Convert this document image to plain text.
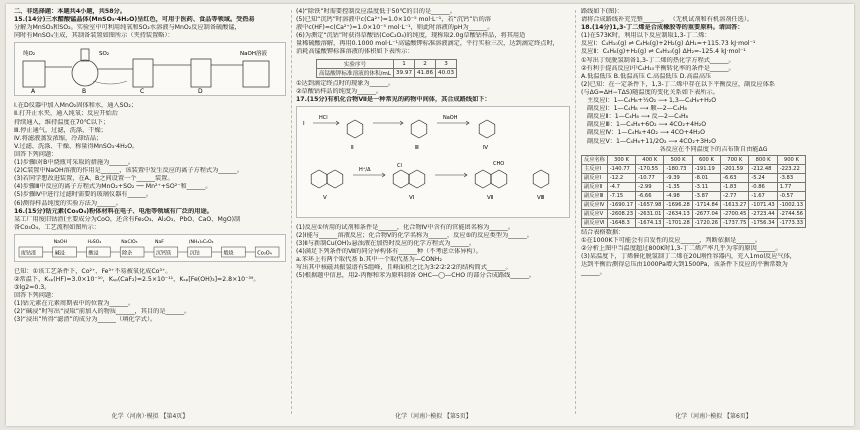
二、非选择题：本题共4小题，共58分。
15.(14分)三水醋酸锰晶体(MnSO₃·4H₂O)呈红色，可用于医药、食品等领域。受热易
分解为MnSO₃和SO₂。实验室中可利用纯氧和SO₂水溶液与MnO₂反应制备硫酸锰，
同时有MnSO₄生成，其制备装置如图所示（夹持装置略）：
A	B	C	D
纯O₂	SO₂	NaOH溶液
Ⅰ.在D仪器中加入MnO₂固体和水，通入SO₂；
Ⅱ.打开止水夹，通入纯氧；反应开始后
持续通入，维持温度在70℃以下；
Ⅲ.停止通气，过滤，洗涤，干燥；
Ⅳ.将滤液蒸发浓缩，冷却结晶；
V.过滤、洗涤、干燥、称量得MnSO₃·4H₂O。
回答下列问题：
(1)步骤Ⅰ对B中烧瓶可采取的措施为______。
(2)C装置中NaOH溶液的作用是______，该装置中发生反应的离子方程式为______。
(3)若同学想改进装置，在A、B之间设置一个______装置。
(4)步骤Ⅲ中反应的离子方程式为MnO₂+SO₂ ── Mn²⁺+SO²⁻和______。
(5)步骤Ⅳ中进行过滤时需要的玻璃仪器有______。
(6)测得样品纯度的实验方法为______。
16.(15分)钴元素(Co₃O₄)粉体材料在电子、电池等领域有广泛的用途。
某工厂用废旧钴渣(主要成分为CoO，还含有Fe₂O₃、Al₂O₃、PbO、CaO、MgO)制
备Co₃O₄，工艺流程如图所示：
废钴渣	碱浸
NaOH
酸浸
H₂SO₄
除杂
NaClO₃
沉钙镁
NaF
沉钴
(NH₄)₂C₂O₄
煅烧	Co₃O₄
已知：①该工艺条件下，Co²⁺、Fe³⁺不易被氧化成Co³⁺。
②常温下，Kₛₚ(HF)=3.0×10⁻¹⁰，Kₛₚ(CaF₂)=2.5×10⁻¹¹，Kₛₚ[Fe(OH)₃]=2.8×10⁻³⁹。
③lg2=0.3。
回答下列问题：
(1)钴元素在元素周期表中的位置为______。
(2)“碱浸”时写出“浸取”前加入的物质______，其目的是______。
(3)“浸出”所得“滤渣”的成分为______（填化学式）。
化学（河南）·模拟 【第4页】
(4)“除铁”时需要控制反应温度低于50℃的目的是______。
(5)已知“沉钙”时溶液中c(Ca²⁺)=1.0×10⁻⁵ mol·L⁻¹，若“沉钙”后的溶
液中c(HF)=c(Ca²⁺)=1.0×10⁻⁵ mol·L⁻¹，则此时溶液的pH为______。
(6)为测定“沉钴”时获得草酸钴(CoC₂O₄)的纯度，现称取2.0g草酸钴样品，将其用适
量稀硫酸溶解，再用0.1000 mol·L⁻¹高锰酸钾标准溶液滴定，平行实验三次，达到滴定终点时，
消耗高锰酸钾标准溶液的体积如下表所示：
实验序号	1	2	3
高锰酸钾标准溶液的体积/mL	39.97	41.86	40.03
①达到滴定终点时的现象为______。
②草酸钴样品的纯度为______。
17.(15分)有机化合物Ⅶ是一种常见的药物中间体，其合成路线如下：
Ⅰ
HCl
Ⅱ	Ⅲ
NaOH
Ⅳ
Ⅴ
H⁺/Δ
Cl
Ⅵ
CHO
Ⅶ	Ⅷ
(1)反应①所用的试剂和条件是______，化合物Ⅳ中含有的官能团名称为______。
(2)Ⅰ能与______溶液反应；化合物Ⅴ的化学名称为______，反应⑤的反应类型为______。
(3)Ⅱ与新制Cu(OH)₂悬浊液在加热时反应的化学方程式为______。
(4)满足下列条件的Ⅶ的同分异构体有______种（不考虑立体异构）。
a.苯环上有两个取代基 b.其中一个取代基为—CONH₂
写出其中核磁共振氢谱有5组峰，且峰面积之比为3∶2∶2∶2∶2的结构简式______。
(5)根据题中信息，用2-丙醇和苯为原料制备 OHC—◯—CHO 的部分合成路线______。
化学（河南）·模拟 【第5页】
路线如下(图)：
请将合成路线补充完整______。 （无机试剂和有机溶剂任选）。
18.(14分)1,3-丁二烯是合成橡胶等的重要原料。请回答：
(1)在573K时，利用以下反应制取1,3-丁二烯：
反应Ⅰ：C₄H₁₀(g) ⇌ C₄H₆(g)+2H₂(g) ΔH₁=+115.73 kJ·mol⁻¹
反应Ⅱ：C₄H₈(g)+H₂(g) ⇌ C₄H₁₀(g) ΔH₂=-125.4 kJ·mol⁻¹
①写出丁烷脱氢制备1,3-丁二烯的热化学方程式______。
②有利于提高反应Ⅰ中C₄H₁₀平衡转化率的条件是______。
A.低温低压 B.低温高压 C.高温低压 D.高温高压
(2)已知：在一定条件下，1,3-丁二烯中存在以下平衡反应，副反应体系
(与ΔG=ΔH−TΔS)随温度的变化关系如下表所示。
主反应Ⅰ：1—C₄H₈+½O₂ ⟶ 1,3—C₄H₆+H₂O
副反应Ⅰ：1—C₄H₈ ⟶ 顺—2—C₄H₈
副反应Ⅱ：1—C₄H₈ ⟶ 反—2—C₄H₈
副反应Ⅲ：1—C₄H₈+6O₂ ⟶ 4CO₂+4H₂O
副反应Ⅳ：1—C₄H₈+4O₂ ⟶ 4CO+4H₂O
副反应Ⅴ：1—C₄H₆+11/2O₂ ⟶ 4CO₂+3H₂O
各反应在不同温度下的吉布斯自由能ΔG
反应名称	300 K	400 K	500 K	600 K	700 K	800 K	900 K
主反应Ⅰ	-140.77	-170.55	-180.73	-191.19	-201.59	-212.48	-223.22
副反应Ⅰ	-12.2	-10.77	-9.39	-8.01	-6.63	-5.24	-3.83
副反应Ⅱ	-4.7	-2.99	-1.35	-3.11	-1.83	-0.86	1.77
副反应Ⅲ	-7.15	-6.66	-4.98	-3.87	-2.77	-1.67	-0.57
副反应Ⅳ	-1690.17	-1657.98	-1696.28	-1714.84	-1613.27	-1071.43	-1002.13
副反应Ⅴ	-2608.23	-2631.01	-2634.13	-2677.04	-2700.45	-2723.44	-2744.56
副反应Ⅵ	-1648.3	-1674.13	-1701.28	-1720.26	-1737.75	-1756.34	-1773.33
结合表格数据：
①在1000K下可能会有自发性的反应______，判断依据是______。
②分析上图中当温度超过800K时1,3-丁二烯产率几乎为零的原因______。
(3)某温度下，丁烯催化脱氢制丁二烯在20L刚性容器内，充入1mol反应气体，
达到平衡后测得总压由1000Pa增大到1500Pa，该条件下反应的平衡常数为
______。
化学（河南）·模拟 【第6页】
